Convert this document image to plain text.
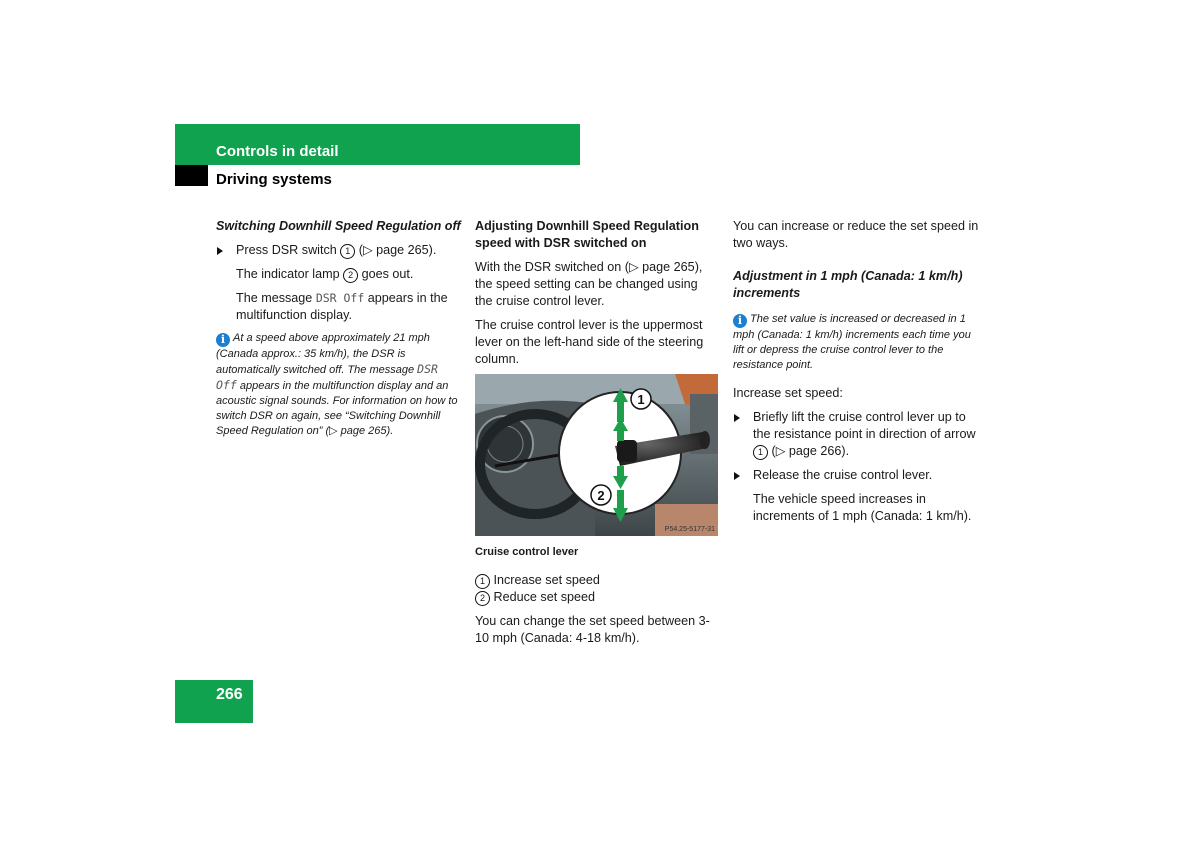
Controls in detail
Driving systems

Switching Downhill Speed Regulation off

Press DSR switch 1 (▷ page 265).

The indicator lamp 2 goes out.

The message DSR Off appears in the multifunction display.

i At a speed above approximately 21 mph (Canada approx.: 35 km/h), the DSR is automatically switched off. The message DSR Off appears in the multifunction display and an acoustic signal sounds. For information on how to switch DSR on again, see “Switching Downhill Speed Regulation on” (▷ page 265).

Adjusting Downhill Speed Regulation speed with DSR switched on

With the DSR switched on (▷ page 265), the speed setting can be changed using the cruise control lever.

The cruise control lever is the uppermost lever on the left-hand side of the steering column.

1
2
P54.25-5177-31
Cruise control lever

1 Increase set speed

2 Reduce set speed

You can change the set speed between 3-10 mph (Canada: 4-18 km/h).

You can increase or reduce the set speed in two ways.

Adjustment in 1 mph (Canada: 1 km/h) increments

i The set value is increased or decreased in 1 mph (Canada: 1 km/h) increments each time you lift or depress the cruise control lever to the resistance point.

Increase set speed:

Briefly lift the cruise control lever up to the resistance point in direction of arrow 1 (▷ page 266).

Release the cruise control lever.

The vehicle speed increases in increments of 1 mph (Canada: 1 km/h).

266
